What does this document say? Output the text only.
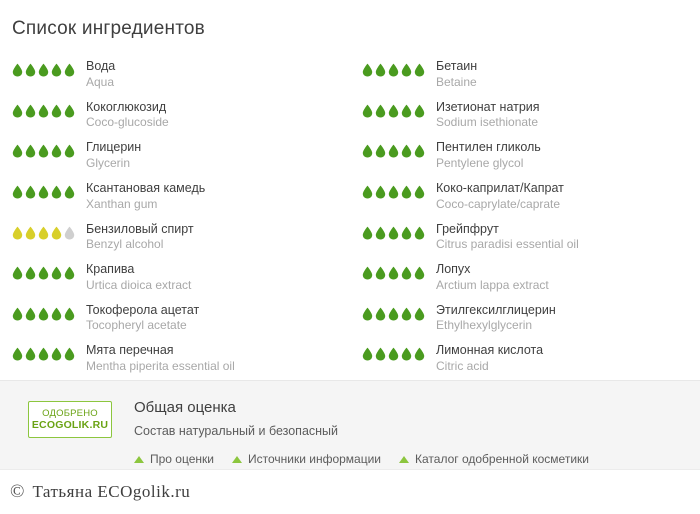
Список ингредиентов
Вода
Aqua
Бетаин
Betaine
Кокоглюкозид
Coco-glucoside
Изетионат натрия
Sodium isethionate
Глицерин
Glycerin
Пентилен гликоль
Pentylene glycol
Ксантановая камедь
Xanthan gum
Коко-каприлат/Капрат
Coco-caprylate/caprate
Бензиловый спирт
Benzyl alcohol
Грейпфрут
Citrus paradisi essential oil
Крапива
Urtica dioica extract
Лопух
Arctium lappa extract
Токоферола ацетат
Tocopheryl acetate
Этилгексилглицерин
Ethylhexylglycerin
Мята перечная
Mentha piperita essential oil
Лимонная кислота
Citric acid
ОДОБРЕНО
ECOGOLIK.RU
Общая оценка
Состав натуральный и безопасный
Про оценки	Источники информации	Каталог одобренной косметики
© Татьяна ECOgolik.ru
